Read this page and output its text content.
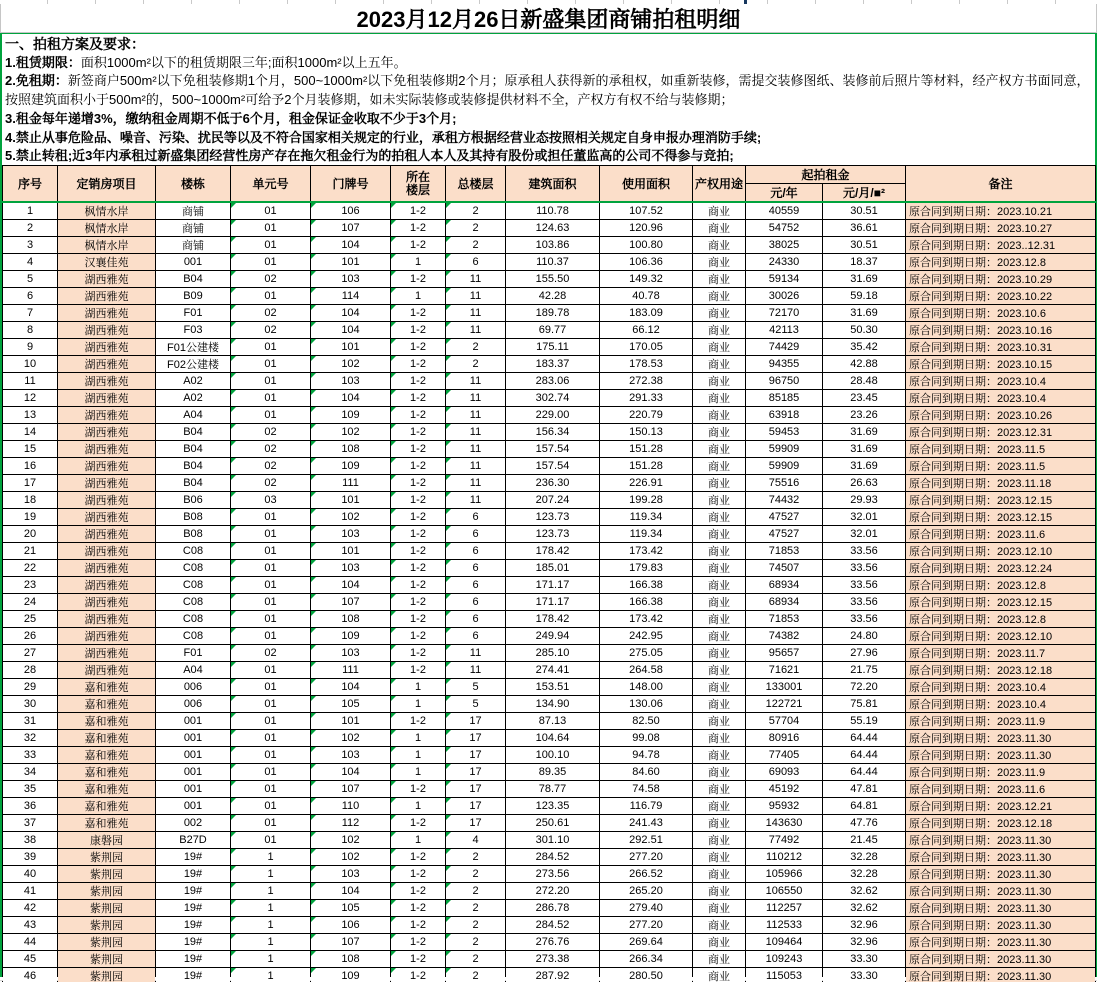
2023月12月26日新盛集团商铺拍租明细
一、拍租方案及要求：
1.租赁期限：面积1000m²以下的租赁期限三年;面积1000m²以上五年。
2.免租期：新签商户500m²以下免租装修期1个月，500~1000m²以下免租装修期2个月；原承租人获得新的承租权，如重新装修，需提交装修图纸、装修前后照片等材料，经产权方书面同意，按照建筑面积小于500m²的，500~1000m²可给予2个月装修期，如未实际装修或装修提供材料不全，产权方有权不给与装修期；
3.租金每年递增3%，缴纳租金周期不低于6个月，租金保证金收取不少于3个月;
4.禁止从事危险品、噪音、污染、扰民等以及不符合国家相关规定的行业，承租方根据经营业态按照相关规定自身申报办理消防手续;
5.禁止转租;近3年内承租过新盛集团经营性房产存在拖欠租金行为的拍租人本人及其持有股份或担任董监高的公司不得参与竞拍;
序号	定销房项目	楼栋	单元号	门牌号	所在楼层	总楼层	建筑面积	使用面积	产权用途	起拍租金		备注
										元/年	元/月/■²	
1	枫情水岸	商铺	01	106	1-2	2	110.78	107.52	商业	40559	30.51	原合同到期日期：2023.10.21
2	枫情水岸	商铺	01	107	1-2	2	124.63	120.96	商业	54752	36.61	原合同到期日期：2023.10.27
3	枫情水岸	商铺	01	104	1-2	2	103.86	100.80	商业	38025	30.51	原合同到期日期：2023..12.31
4	汉襄佳苑	001	01	101	1	6	110.37	106.36	商业	24330	18.37	原合同到期日期：2023.12.8
5	湖西雅苑	B04	02	103	1-2	11	155.50	149.32	商业	59134	31.69	原合同到期日期：2023.10.29
6	湖西雅苑	B09	01	114	1	11	42.28	40.78	商业	30026	59.18	原合同到期日期：2023.10.22
7	湖西雅苑	F01	02	104	1-2	11	189.78	183.09	商业	72170	31.69	原合同到期日期：2023.10.6
8	湖西雅苑	F03	02	104	1-2	11	69.77	66.12	商业	42113	50.30	原合同到期日期：2023.10.16
9	湖西雅苑	F01公建楼	01	101	1-2	2	175.11	170.05	商业	74429	35.42	原合同到期日期：2023.10.31
10	湖西雅苑	F02公建楼	01	102	1-2	2	183.37	178.53	商业	94355	42.88	原合同到期日期：2023.10.15
11	湖西雅苑	A02	01	103	1-2	11	283.06	272.38	商业	96750	28.48	原合同到期日期：2023.10.4
12	湖西雅苑	A02	01	104	1-2	11	302.74	291.33	商业	85185	23.45	原合同到期日期：2023.10.4
13	湖西雅苑	A04	01	109	1-2	11	229.00	220.79	商业	63918	23.26	原合同到期日期：2023.10.26
14	湖西雅苑	B04	02	102	1-2	11	156.34	150.13	商业	59453	31.69	原合同到期日期：2023.12.31
15	湖西雅苑	B04	02	108	1-2	11	157.54	151.28	商业	59909	31.69	原合同到期日期：2023.11.5
16	湖西雅苑	B04	02	109	1-2	11	157.54	151.28	商业	59909	31.69	原合同到期日期：2023.11.5
17	湖西雅苑	B04	02	111	1-2	11	236.30	226.91	商业	75516	26.63	原合同到期日期：2023.11.18
18	湖西雅苑	B06	03	101	1-2	11	207.24	199.28	商业	74432	29.93	原合同到期日期：2023.12.15
19	湖西雅苑	B08	01	102	1-2	6	123.73	119.34	商业	47527	32.01	原合同到期日期：2023.12.15
20	湖西雅苑	B08	01	103	1-2	6	123.73	119.34	商业	47527	32.01	原合同到期日期：2023.11.6
21	湖西雅苑	C08	01	101	1-2	6	178.42	173.42	商业	71853	33.56	原合同到期日期：2023.12.10
22	湖西雅苑	C08	01	103	1-2	6	185.01	179.83	商业	74507	33.56	原合同到期日期：2023.12.24
23	湖西雅苑	C08	01	104	1-2	6	171.17	166.38	商业	68934	33.56	原合同到期日期：2023.12.8
24	湖西雅苑	C08	01	107	1-2	6	171.17	166.38	商业	68934	33.56	原合同到期日期：2023.12.15
25	湖西雅苑	C08	01	108	1-2	6	178.42	173.42	商业	71853	33.56	原合同到期日期：2023.12.8
26	湖西雅苑	C08	01	109	1-2	6	249.94	242.95	商业	74382	24.80	原合同到期日期：2023.12.10
27	湖西雅苑	F01	02	103	1-2	11	285.10	275.05	商业	95657	27.96	原合同到期日期：2023.11.7
28	湖西雅苑	A04	01	111	1-2	11	274.41	264.58	商业	71621	21.75	原合同到期日期：2023.12.18
29	嘉和雅苑	006	01	104	1	5	153.51	148.00	商业	133001	72.20	原合同到期日期：2023.10.4
30	嘉和雅苑	006	01	105	1	5	134.90	130.06	商业	122721	75.81	原合同到期日期：2023.10.4
31	嘉和雅苑	001	01	101	1-2	17	87.13	82.50	商业	57704	55.19	原合同到期日期：2023.11.9
32	嘉和雅苑	001	01	102	1	17	104.64	99.08	商业	80916	64.44	原合同到期日期：2023.11.30
33	嘉和雅苑	001	01	103	1	17	100.10	94.78	商业	77405	64.44	原合同到期日期：2023.11.30
34	嘉和雅苑	001	01	104	1	17	89.35	84.60	商业	69093	64.44	原合同到期日期：2023.11.9
35	嘉和雅苑	001	01	107	1-2	17	78.77	74.58	商业	45192	47.81	原合同到期日期：2023.11.6
36	嘉和雅苑	001	01	110	1	17	123.35	116.79	商业	95932	64.81	原合同到期日期：2023.12.21
37	嘉和雅苑	002	01	112	1-2	17	250.61	241.43	商业	143630	47.76	原合同到期日期：2023.12.18
38	康磐园	B27D	01	102	1	4	301.10	292.51	商业	77492	21.45	原合同到期日期：2023.11.30
39	紫荆园	19#	1	102	1-2	2	284.52	277.20	商业	110212	32.28	原合同到期日期：2023.11.30
40	紫荆园	19#	1	103	1-2	2	273.56	266.52	商业	105966	32.28	原合同到期日期：2023.11.30
41	紫荆园	19#	1	104	1-2	2	272.20	265.20	商业	106550	32.62	原合同到期日期：2023.11.30
42	紫荆园	19#	1	105	1-2	2	286.78	279.40	商业	112257	32.62	原合同到期日期：2023.11.30
43	紫荆园	19#	1	106	1-2	2	284.52	277.20	商业	112533	32.96	原合同到期日期：2023.11.30
44	紫荆园	19#	1	107	1-2	2	276.76	269.64	商业	109464	32.96	原合同到期日期：2023.11.30
45	紫荆园	19#	1	108	1-2	2	273.38	266.34	商业	109243	33.30	原合同到期日期：2023.11.30
46	紫荆园	19#	1	109	1-2	2	287.92	280.50	商业	115053	33.30	原合同到期日期：2023.11.30
